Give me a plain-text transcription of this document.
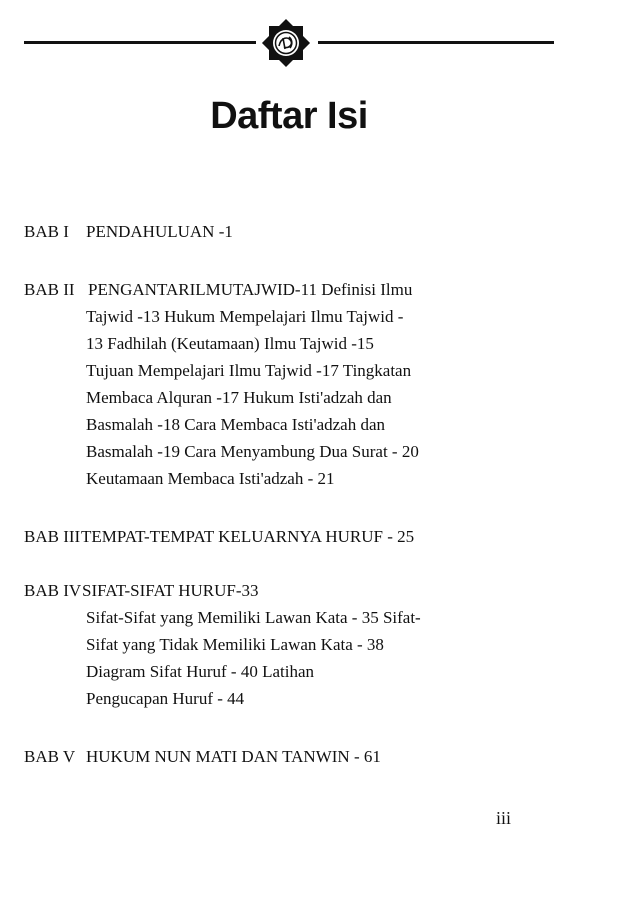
Daftar Isi
BAB I PENDAHULUAN -1
BAB II PENGANTARILMUTAJWID-11 Definisi Ilmu
Tajwid -13 Hukum Mempelajari Ilmu Tajwid -
13 Fadhilah (Keutamaan) Ilmu Tajwid -15
Tujuan Mempelajari Ilmu Tajwid -17 Tingkatan
Membaca Alquran -17 Hukum Isti'adzah dan
Basmalah -18 Cara Membaca Isti'adzah dan
Basmalah -19 Cara Menyambung Dua Surat - 20
Keutamaan Membaca Isti'adzah - 21
BAB III TEMPAT-TEMPAT KELUARNYA HURUF - 25
BAB IV SIFAT-SIFAT HURUF-33
Sifat-Sifat yang Memiliki Lawan Kata - 35 Sifat-
Sifat yang Tidak Memiliki Lawan Kata - 38
Diagram Sifat Huruf - 40 Latihan
Pengucapan Huruf - 44
BAB V HUKUM NUN MATI DAN TANWIN - 61
iii
